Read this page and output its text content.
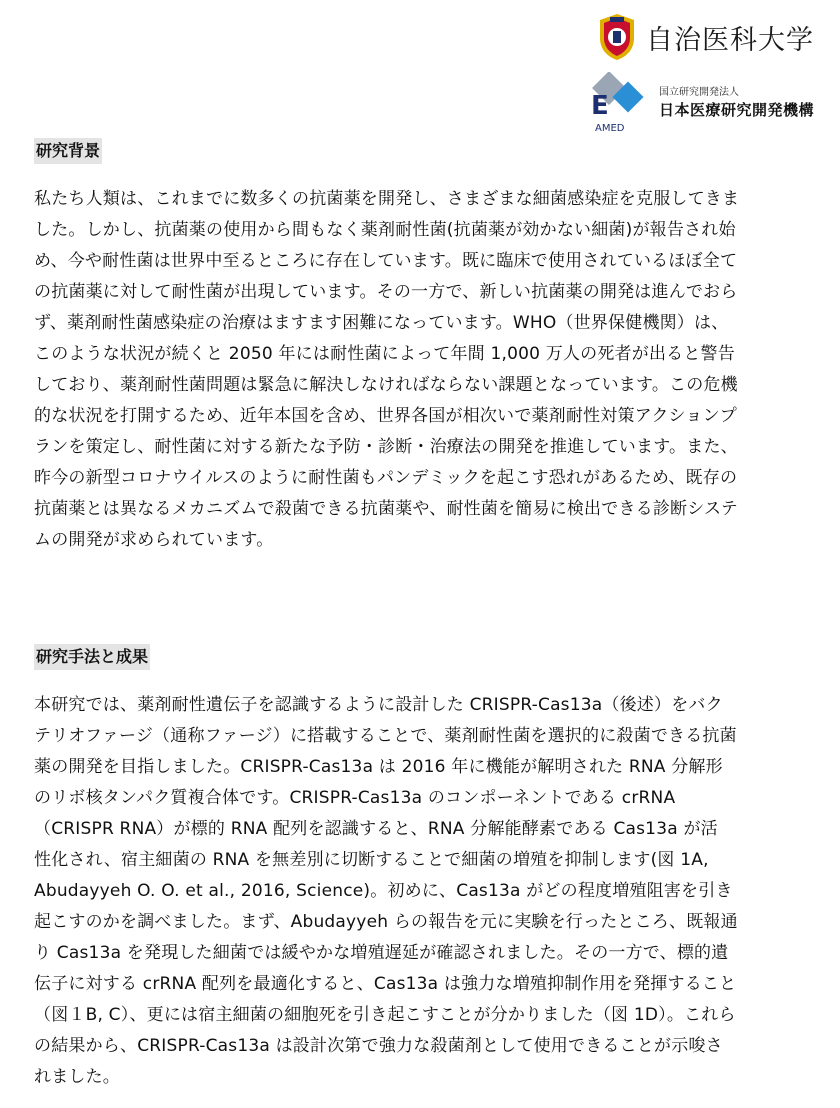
自治医科大学
E
AMED
国立研究開発法人
日本医療研究開発機構
研究背景

私たち人類は、これまでに数多くの抗菌薬を開発し、さまざまな細菌感染症を克服してきま
した。しかし、抗菌薬の使用から間もなく薬剤耐性菌(抗菌薬が効かない細菌)が報告され始
め、今や耐性菌は世界中至るところに存在しています。既に臨床で使用されているほぼ全て
の抗菌薬に対して耐性菌が出現しています。その一方で、新しい抗菌薬の開発は進んでおら
ず、薬剤耐性菌感染症の治療はますます困難になっています。WHO（世界保健機関）は、
このような状況が続くと 2050 年には耐性菌によって年間 1,000 万人の死者が出ると警告
しており、薬剤耐性菌問題は緊急に解決しなければならない課題となっています。この危機
的な状況を打開するため、近年本国を含め、世界各国が相次いで薬剤耐性対策アクションプ
ランを策定し、耐性菌に対する新たな予防・診断・治療法の開発を推進しています。また、
昨今の新型コロナウイルスのように耐性菌もパンデミックを起こす恐れがあるため、既存の
抗菌薬とは異なるメカニズムで殺菌できる抗菌薬や、耐性菌を簡易に検出できる診断システ
ムの開発が求められています。

研究手法と成果

本研究では、薬剤耐性遺伝子を認識するように設計した CRISPR-Cas13a（後述）をバク
テリオファージ（通称ファージ）に搭載することで、薬剤耐性菌を選択的に殺菌できる抗菌
薬の開発を目指しました。CRISPR-Cas13a は 2016 年に機能が解明された RNA 分解形
のリボ核タンパク質複合体です。CRISPR-Cas13a のコンポーネントである crRNA
（CRISPR RNA）が標的 RNA 配列を認識すると、RNA 分解能酵素である Cas13a が活
性化され、宿主細菌の RNA を無差別に切断することで細菌の増殖を抑制します(図 1A,
Abudayyeh O. O. et al., 2016, Science)。初めに、Cas13a がどの程度増殖阻害を引き
起こすのかを調べました。まず、Abudayyeh らの報告を元に実験を行ったところ、既報通
り Cas13a を発現した細菌では緩やかな増殖遅延が確認されました。その一方で、標的遺
伝子に対する crRNA 配列を最適化すると、Cas13a は強力な増殖抑制作用を発揮すること
（図１B, C）、更には宿主細菌の細胞死を引き起こすことが分かりました（図 1D）。これら
の結果から、CRISPR-Cas13a は設計次第で強力な殺菌剤として使用できることが示唆さ
れました。
